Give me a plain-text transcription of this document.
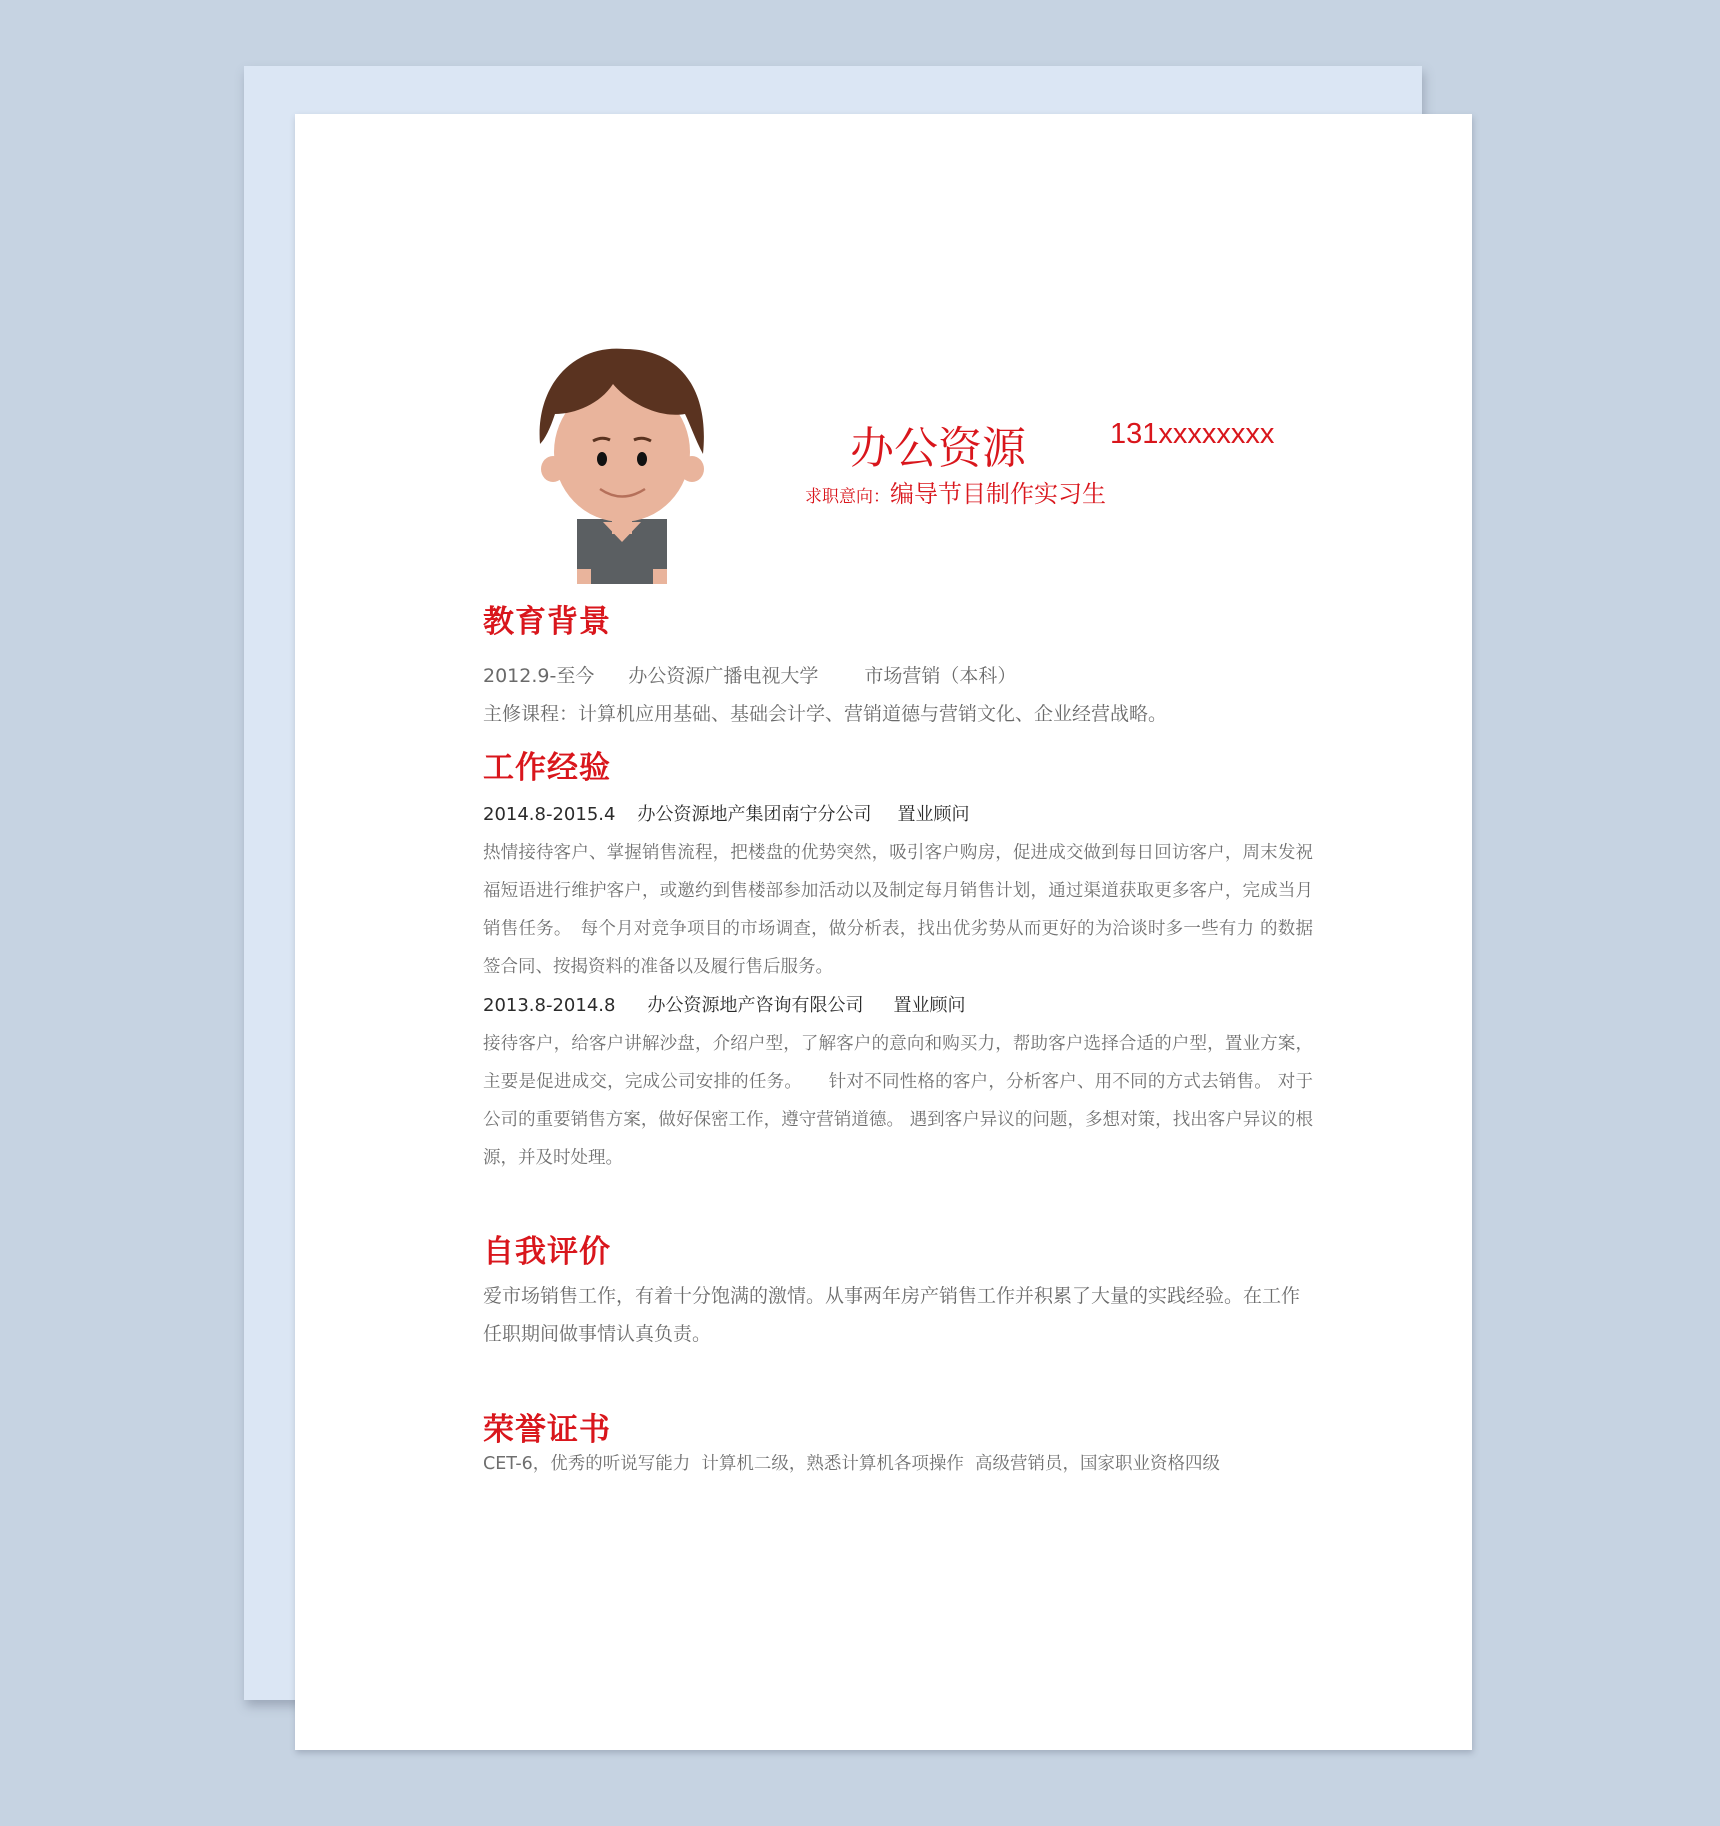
办公资源	131xxxxxxxx
求职意向：编导节目制作实习生
教育背景
2012.9-至今 办公资源广播电视大学 市场营销（本科）
主修课程：计算机应用基础、基础会计学、营销道德与营销文化、企业经营战略。
工作经验
2014.8-2015.4 办公资源地产集团南宁分公司 置业顾问
热情接待客户、掌握销售流程，把楼盘的优势突然，吸引客户购房，促进成交做到每日回访客户，周末发祝福短语进行维护客户，或邀约到售楼部参加活动以及制定每月销售计划，通过渠道获取更多客户，完成当月销售任务。　每个月对竞争项目的市场调查，做分析表，找出优劣势从而更好的为洽谈时多一些有力 的数据签合同、按揭资料的准备以及履行售后服务。
2013.8-2014.8 办公资源地产咨询有限公司 置业顾问
接待客户，给客户讲解沙盘，介绍户型，了解客户的意向和购买力，帮助客户选择合适的户型，置业方案，主要是促进成交，完成公司安排的任务。　　针对不同性格的客户，分析客户、用不同的方式去销售。 对于公司的重要销售方案，做好保密工作，遵守营销道德。 遇到客户异议的问题，多想对策，找出客户异议的根源，并及时处理。
自我评价
爱市场销售工作，有着十分饱满的激情。从事两年房产销售工作并积累了大量的实践经验。在工作任职期间做事情认真负责。
荣誉证书
CET-6，优秀的听说写能力  计算机二级，熟悉计算机各项操作  高级营销员，国家职业资格四级
